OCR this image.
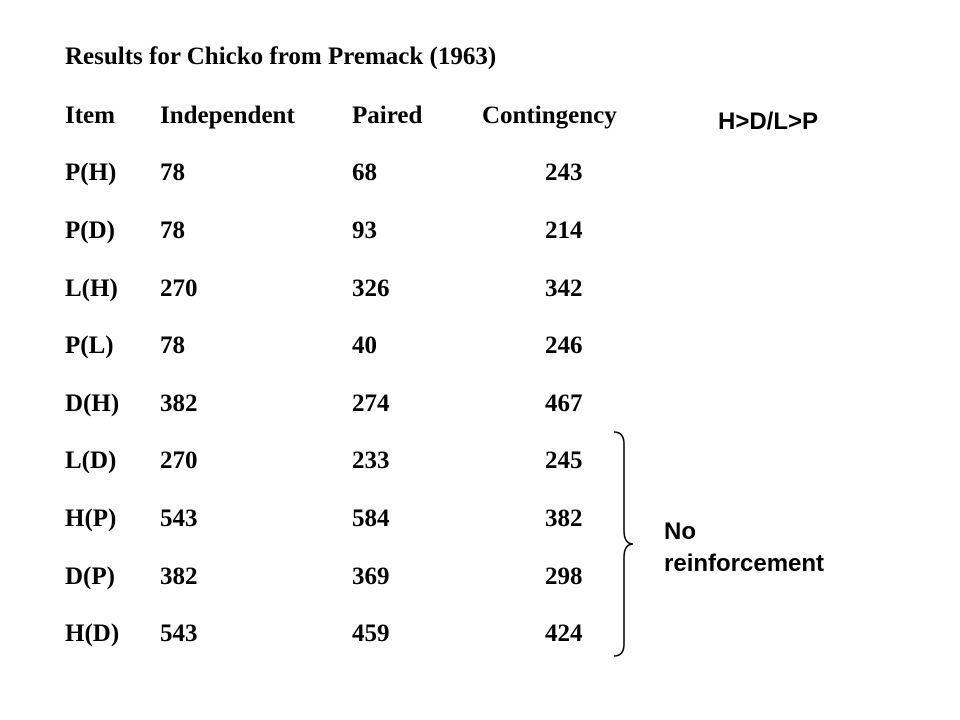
Results for Chicko from Premack (1963)
Item Independent Paired Contingency
P(H) 78	68	243
P(D) 78	93	214
L(H) 270	326	342
P(L) 78	40	246
D(H) 382	274	467
L(D) 270	233	245
H(P) 543	584	382
D(P) 382	369	298
H(D) 543	459	424
H>D/L>P
No
reinforcement
